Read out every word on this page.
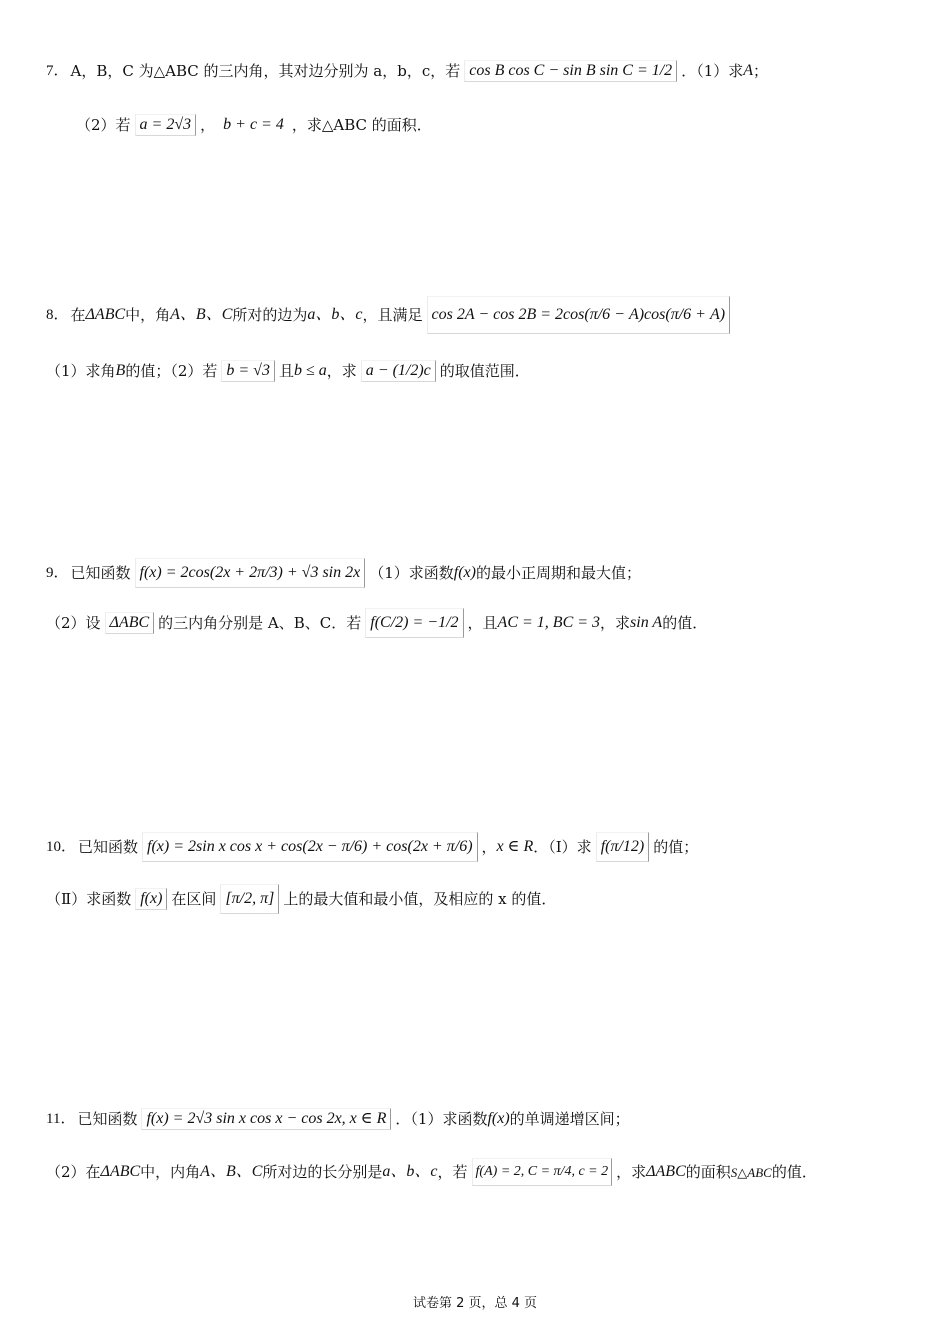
7． A，B，C 为△ABC 的三内角，其对边分别为 a，b，c，若 cos B cos C − sin B sin C = 1/2 ．（1）求 A ；
（2）若 a = 2√3 ， b + c = 4 ，求△ABC 的面积．
8． 在 ΔABC 中，角 A、B、C 所对的边为 a、b、c ，且满足 cos 2A − cos 2B = 2cos(π/6 − A)cos(π/6 + A)
（1）求角 B 的值；（2）若 b = √3 且 b ≤ a ，求 a − (1/2)c 的取值范围．
9． 已知函数 f(x) = 2cos(2x + 2π/3) + √3 sin 2x （1）求函数 f(x) 的最小正周期和最大值；
（2）设 ΔABC 的三内角分别是 A、B、C．若 f(C/2) = −1/2 ，且 AC = 1, BC = 3 ，求 sin A 的值．
10． 已知函数 f(x) = 2sin x cos x + cos(2x − π/6) + cos(2x + π/6) ， x ∈ R ．（Ⅰ）求 f(π/12) 的值；
（Ⅱ）求函数 f(x) 在区间 [π/2, π] 上的最大值和最小值，及相应的 x 的值．
11． 已知函数 f(x) = 2√3 sin x cos x − cos 2x, x ∈ R ．（1）求函数 f(x) 的单调递增区间；
（2）在 ΔABC 中，内角 A、B、C 所对边的长分别是 a、b、c ，若 f(A) = 2, C = π/4, c = 2 ，求 ΔABC 的面积 S△ABC 的值．
试卷第 2 页，总 4 页
